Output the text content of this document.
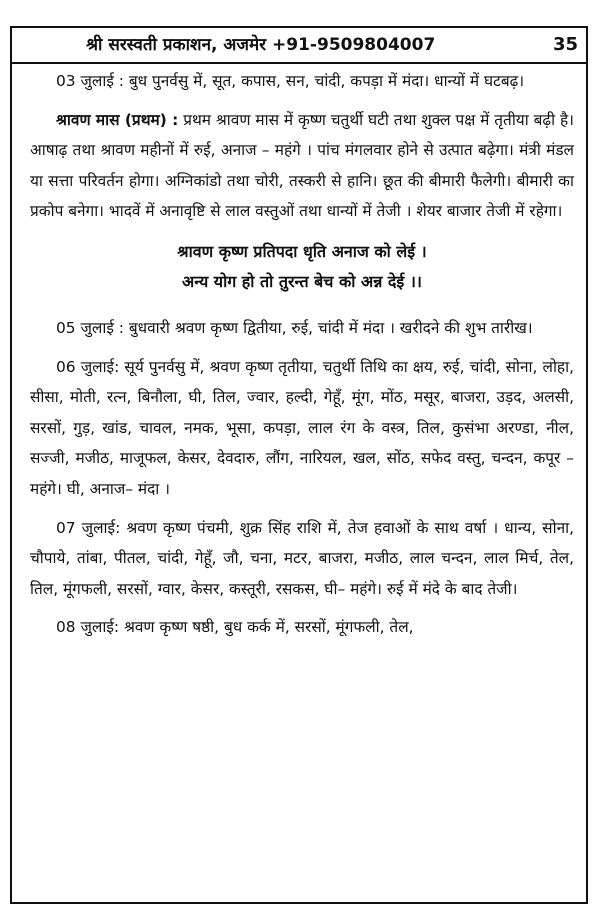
श्री सरस्वती प्रकाशन, अजमेर +91-9509804007	35

03 जुलाई : बुध पुनर्वसु में, सूत, कपास, सन, चांदी, कपड़ा में मंदा। धान्यों में घटबढ़।

श्रावण मास (प्रथम) : प्रथम श्रावण मास में कृष्ण चतुर्थी घटी तथा शुक्ल पक्ष में तृतीया बढ़ी है। आषाढ़ तथा श्रावण महीनों में रुई, अनाज – महंगे । पांच मंगलवार होने से उत्पात बढ़ेगा। मंत्री मंडल या सत्ता परिवर्तन होगा। अग्निकांडो तथा चोरी, तस्करी से हानि। छूत की बीमारी फैलेगी। बीमारी का प्रकोप बनेगा। भादवें में अनावृष्टि से लाल वस्तुओं तथा धान्यों में तेजी । शेयर बाजार तेजी में रहेगा।

श्रावण कृष्ण प्रतिपदा धृति अनाज को लेई ।
अन्य योग हो तो तुरन्त बेच को अन्न देई ।।

05 जुलाई : बुधवारी श्रवण कृष्ण द्वितीया, रुई, चांदी में मंदा । खरीदने की शुभ तारीख।

06 जुलाई: सूर्य पुनर्वसु में, श्रवण कृष्ण तृतीया, चतुर्थी तिथि का क्षय, रुई, चांदी, सोना, लोहा, सीसा, मोती, रत्न, बिनौला, घी, तिल, ज्वार, हल्दी, गेहूँ, मूंग, मोंठ, मसूर, बाजरा, उड़द, अलसी, सरसों, गुड़, खांड, चावल, नमक, भूसा, कपड़ा, लाल रंग के वस्त्र, तिल, कुसंभा अरण्डा, नील, सज्जी, मजीठ, माजूफल, केसर, देवदारु, लौंग, नारियल, खल, सोंठ, सफेद वस्तु, चन्दन, कपूर – महंगे। घी, अनाज– मंदा ।

07 जुलाई: श्रवण कृष्ण पंचमी, शुक्र सिंह राशि में, तेज हवाओं के साथ वर्षा । धान्य, सोना, चौपाये, तांबा, पीतल, चांदी, गेहूँ, जौ, चना, मटर, बाजरा, मजीठ, लाल चन्दन, लाल मिर्च, तेल, तिल, मूंगफली, सरसों, ग्वार, केसर, कस्तूरी, रसकस, घी– महंगे। रुई में मंदे के बाद तेजी।

08 जुलाई: श्रवण कृष्ण षष्ठी, बुध कर्क में, सरसों, मूंगफली, तेल,
